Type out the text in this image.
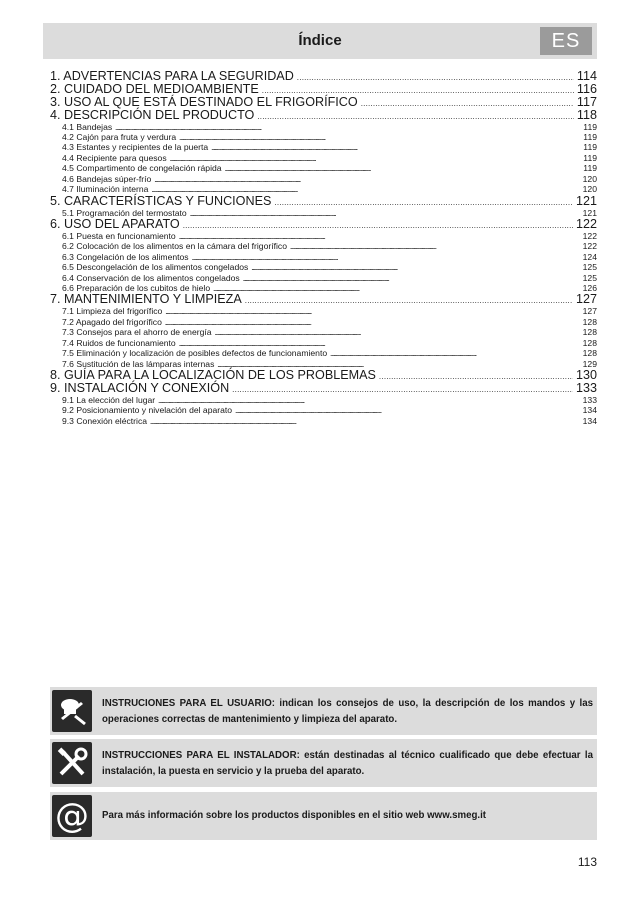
Índice	ES
1. ADVERTENCIAS PARA LA SEGURIDAD . . .	114
2. CUIDADO DEL MEDIOAMBIENTE . . .	116
3. USO AL QUE ESTÁ DESTINADO EL FRIGORÍFICO . . .	117
4. DESCRIPCIÓN DEL PRODUCTO . . .	118
4.1 Bandejas . . .	119
4.2 Cajón para fruta y verdura . . .	119
4.3 Estantes y recipientes de la puerta . . .	119
4.4 Recipiente para quesos . . .	119
4.5 Compartimento de congelación rápida . . .	119
4.6 Bandejas súper-frío . . .	120
4.7 Iluminación interna . . .	120
5. CARACTERÍSTICAS Y FUNCIONES . . .	121
5.1 Programación del termostato . . .	121
6. USO DEL APARATO . . .	122
6.1 Puesta en funcionamiento . . .	122
6.2 Colocación de los alimentos en la cámara del frigorífico . . .	122
6.3 Congelación de los alimentos . . .	124
6.5 Descongelación de los alimentos congelados . . .	125
6.4 Conservación de los alimentos congelados . . .	125
6.6 Preparación de los cubitos de hielo . . .	126
7. MANTENIMIENTO Y LIMPIEZA . . .	127
7.1 Limpieza del frigorífico . . .	127
7.2 Apagado del frigorífico . . .	128
7.3 Consejos para el ahorro de energía . . .	128
7.4 Ruidos de funcionamiento . . .	128
7.5 Eliminación y localización de posibles defectos de funcionamiento . . .	128
7.6 Sustitución de las lámparas internas . . .	129
8. GUÍA PARA LA LOCALIZACIÓN DE LOS PROBLEMAS . . .	130
9. INSTALACIÓN Y CONEXIÓN . . .	133
9.1 La elección del lugar . . .	133
9.2 Posicionamiento y nivelación del aparato . . .	134
9.3 Conexión eléctrica . . .	134
INSTRUCIONES PARA EL USUARIO: indican los consejos de uso, la descripción de los mandos y las operaciones correctas de mantenimiento y limpieza del aparato.
INSTRUCCIONES PARA EL INSTALADOR: están destinadas al técnico cualificado que debe efectuar la instalación, la puesta en servicio y la prueba del aparato.
@ Para más información sobre los productos disponibles en el sitio web www.smeg.it
113
